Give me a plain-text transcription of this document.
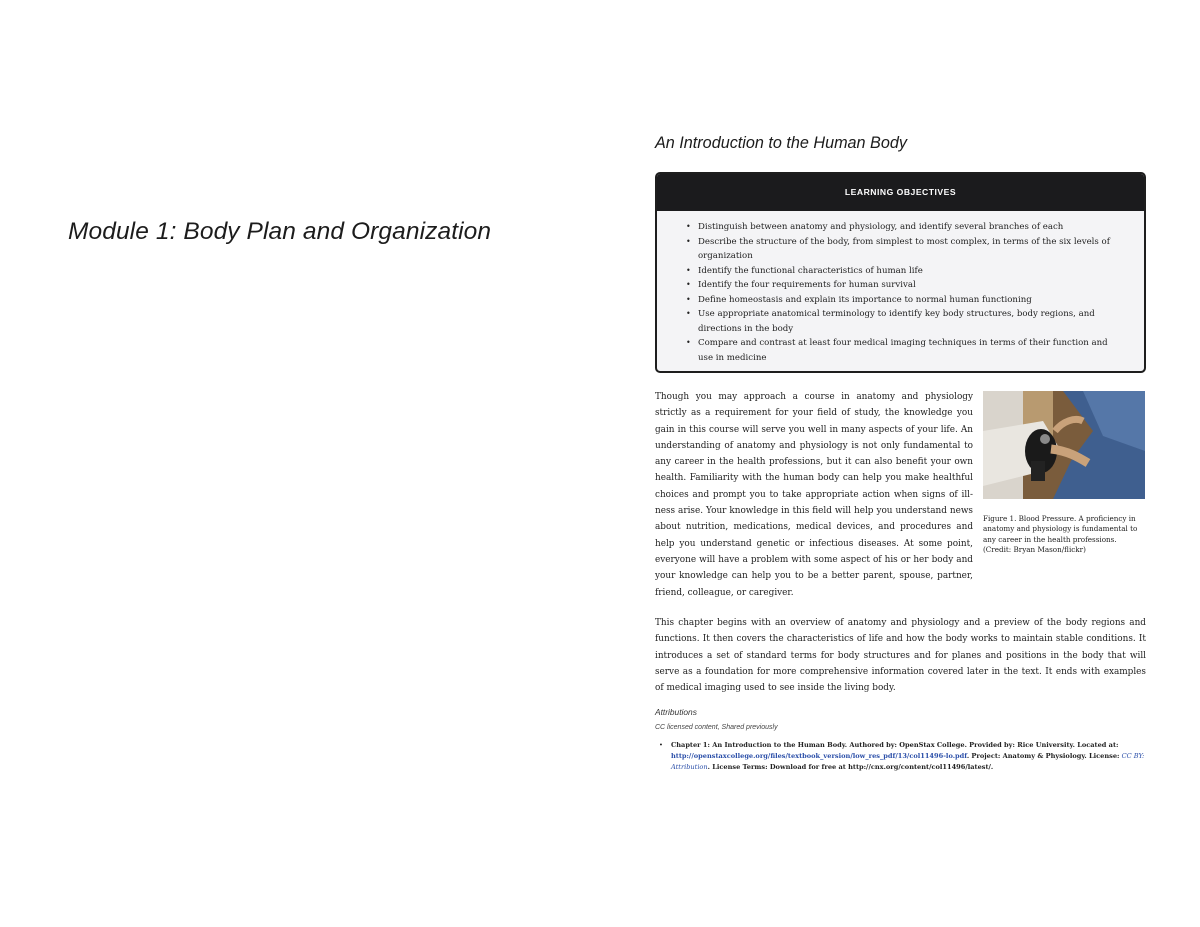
Module 1: Body Plan and Organization
An Introduction to the Human Body
LEARNING OBJECTIVES
• Distinguish between anatomy and physiology, and identify several branches of each
• Describe the structure of the body, from simplest to most complex, in terms of the six levels of organization
• Identify the functional characteristics of human life
• Identify the four requirements for human survival
• Define homeostasis and explain its importance to normal human functioning
• Use appropriate anatomical terminology to identify key body structures, body regions, and directions in the body
• Compare and contrast at least four medical imaging techniques in terms of their function and use in medicine

Though you may approach a course in anatomy and physiology strictly as a requirement for your field of study, the knowledge you gain in this course will serve you well in many aspects of your life. An understanding of anatomy and physiology is not only fundamental to any career in the health professions, but it can also benefit your own health. Familiarity with the human body can help you make healthful choices and prompt you to take appropriate action when signs of illness arise. Your knowledge in this field will help you understand news about nutrition, medications, medical devices, and procedures and help you understand genetic or infectious diseases. At some point, everyone will have a problem with some aspect of his or her body and your knowledge can help you to be a better parent, spouse, partner, friend, colleague, or caregiver.

Figure 1. Blood Pressure. A proficiency in anatomy and physiology is fundamental to any career in the health professions. (Credit: Bryan Mason/flickr)

This chapter begins with an overview of anatomy and physiology and a preview of the body regions and functions. It then covers the characteristics of life and how the body works to maintain stable conditions. It introduces a set of standard terms for body structures and for planes and positions in the body that will serve as a foundation for more comprehensive information covered later in the text. It ends with examples of medical imaging used to see inside the living body.

Attributions
CC licensed content, Shared previously
• Chapter 1: An Introduction to the Human Body. Authored by: OpenStax College. Provided by: Rice University. Located at: http://openstaxcollege.org/files/textbook_version/low_res_pdf/13/col11496-lo.pdf. Project: Anatomy & Physiology. License: CC BY: Attribution. License Terms: Download for free at http://cnx.org/content/col11496/latest/.
